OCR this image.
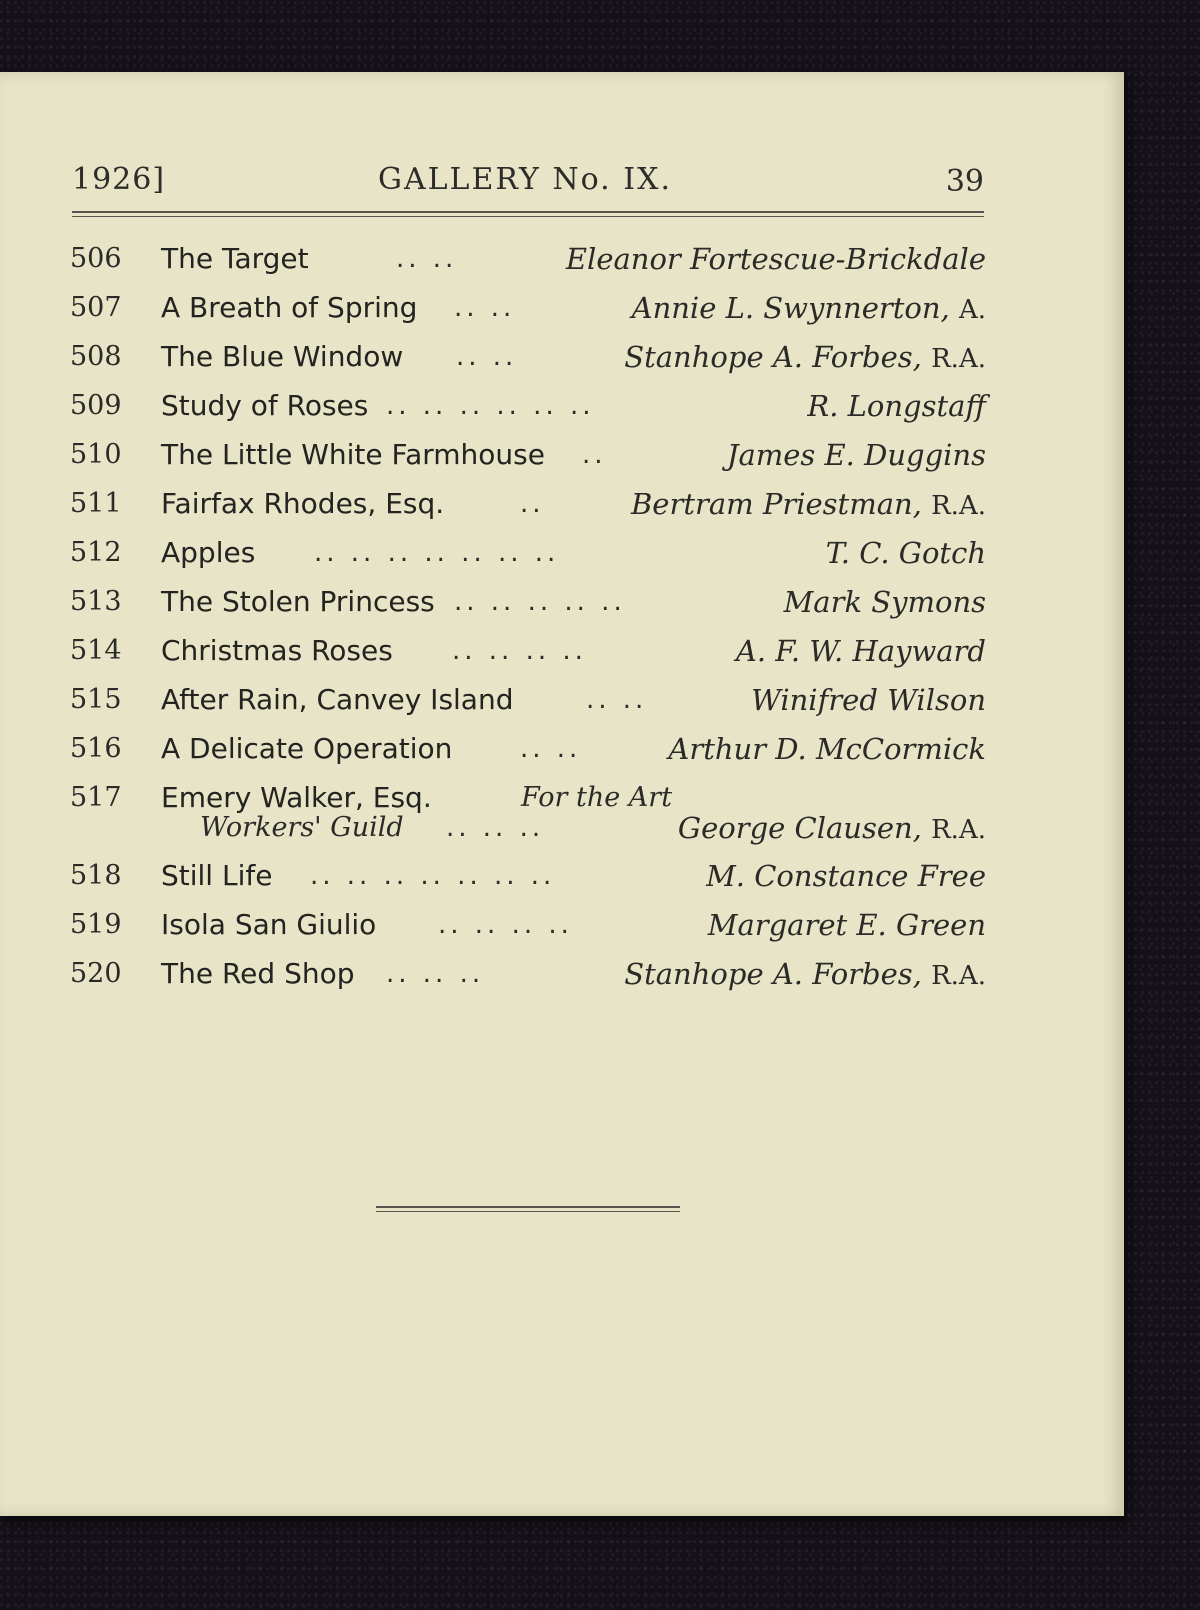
1926]	GALLERY No. IX.	39
506	The Target	.. ..	Eleanor Fortescue-Brickdale
507	A Breath of Spring .. ..	Annie L. Swynnerton, A.
508	The Blue Window .. ..	Stanhope A. Forbes, R.A.
509	Study of Roses .. .. .. .. .. ..	R. Longstaff
510	The Little White Farmhouse ..	James E. Duggins
511	Fairfax Rhodes, Esq.	..	Bertram Priestman, R.A.
512	Apples .. .. .. .. .. .. ..	T. C. Gotch
513	The Stolen Princess .. .. .. .. ..	Mark Symons
514	Christmas Roses .. .. .. ..	A. F. W. Hayward
515	After Rain, Canvey Island	.. ..	Winifred Wilson
516	A Delicate Operation	.. ..	Arthur D. McCormick
517	Emery Walker, Esq.	For the Art
Workers' Guild .. .. ..	George Clausen, R.A.
518	Still Life .. .. .. .. .. .. ..	M. Constance Free
519	Isola San Giulio .. .. .. ..	Margaret E. Green
520	The Red Shop .. .. ..	Stanhope A. Forbes, R.A.
